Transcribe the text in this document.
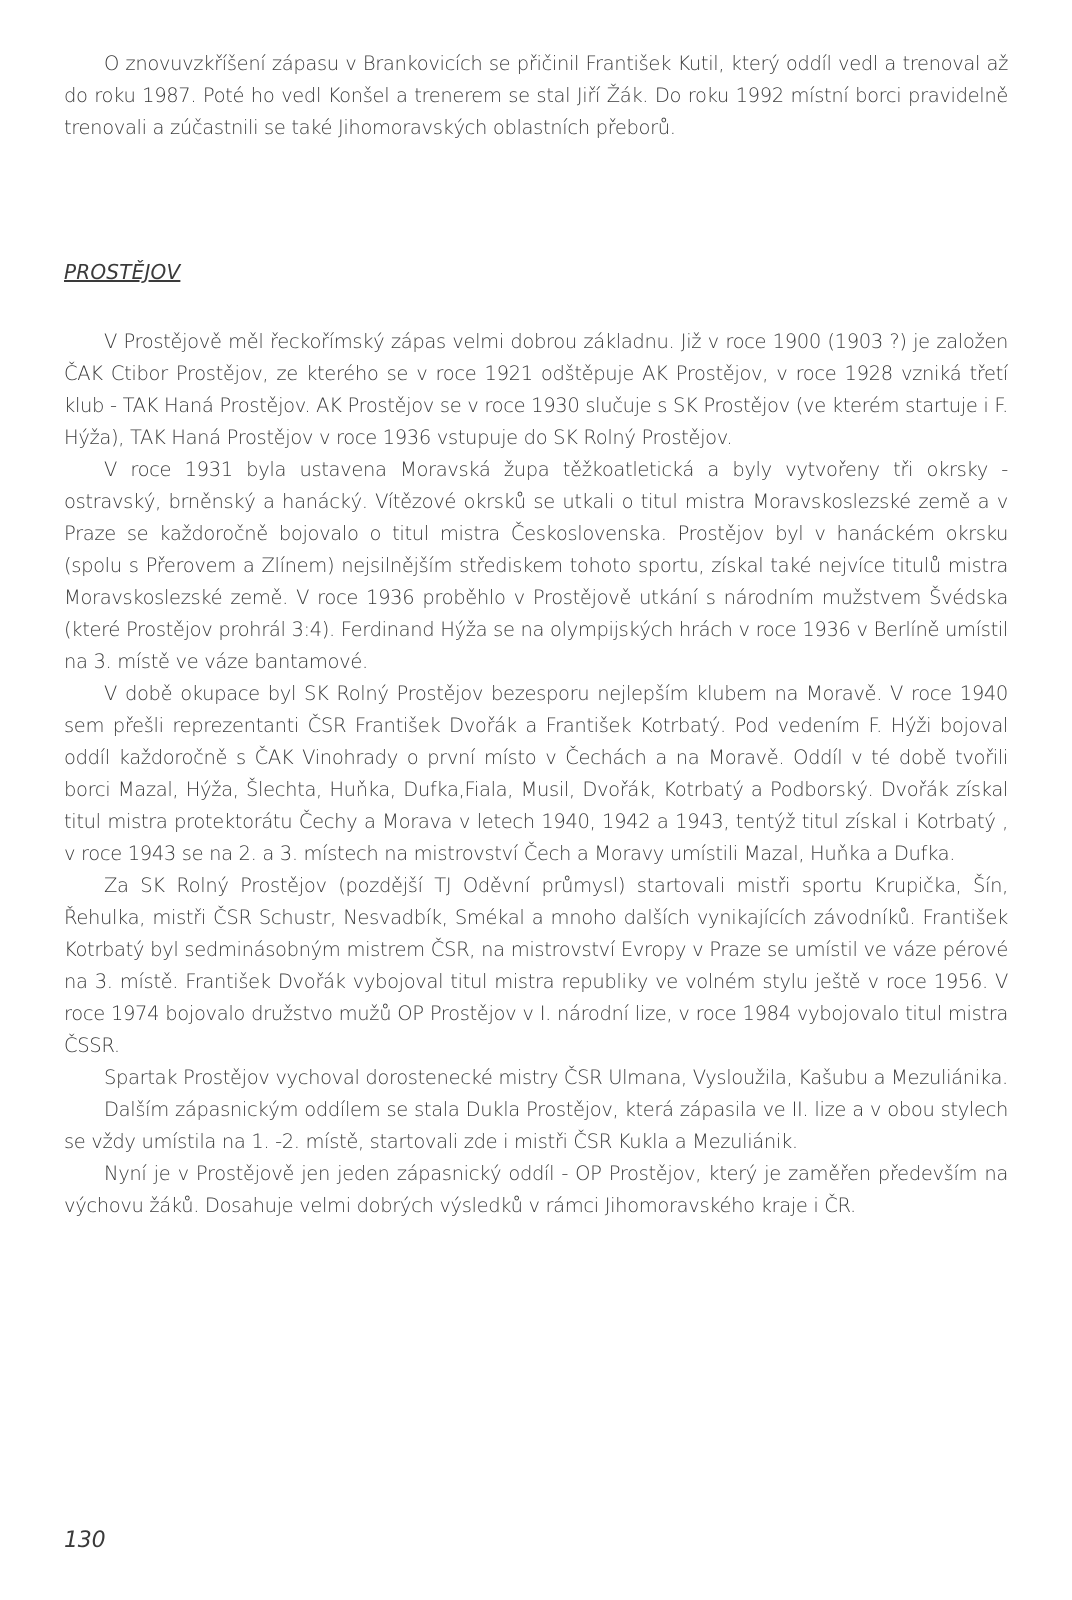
O znovuvzkříšení zápasu v Brankovicích se přičinil František Kutil, který oddíl vedl a trenoval až do roku 1987. Poté ho vedl Konšel a trenerem se stal Jiří Žák. Do roku 1992 místní borci pravidelně trenovali a zúčastnili se také Jihomoravských oblastních přeborů.

PROSTĚJOV

V Prostějově měl řeckořímský zápas velmi dobrou základnu. Již v roce 1900 (1903 ?) je založen ČAK Ctibor Prostějov, ze kterého se v roce 1921 odštěpuje AK Prostějov, v roce 1928 vzniká třetí klub - TAK Haná Prostějov. AK Prostějov se v roce 1930 slučuje s SK Prostějov (ve kterém startuje i F. Hýža), TAK Haná Prostějov v roce 1936 vstupuje do SK Rolný Prostějov.

V roce 1931 byla ustavena Moravská župa těžkoatletická a byly vytvořeny tři okrsky - ostravský, brněnský a hanácký. Vítězové okrsků se utkali o titul mistra Moravskoslezské země a v Praze se každoročně bojovalo o titul mistra Československa. Prostějov byl v hanáckém okrsku (spolu s Přerovem a Zlínem) nejsilnějším střediskem tohoto sportu, získal také nejvíce titulů mistra Moravskoslezské země. V roce 1936 proběhlo v Prostějově utkání s národním mužstvem Švédska (které Prostějov prohrál 3:4). Ferdinand Hýža se na olympijských hrách v roce 1936 v Berlíně umístil na 3. místě ve váze bantamové.

V době okupace byl SK Rolný Prostějov bezesporu nejlepším klubem na Moravě. V roce 1940 sem přešli reprezentanti ČSR František Dvořák a František Kotrbatý. Pod vedením F. Hýži bojoval oddíl každoročně s ČAK Vinohrady o první místo v Čechách a na Moravě. Oddíl v té době tvořili borci Mazal, Hýža, Šlechta, Huňka, Dufka,Fiala, Musil, Dvořák, Kotrbatý a Podborský. Dvořák získal titul mistra protektorátu Čechy a Morava v letech 1940, 1942 a 1943, tentýž titul získal i Kotrbatý , v roce 1943 se na 2. a 3. místech na mistrovství Čech a Moravy umístili Mazal, Huňka a Dufka.

Za SK Rolný Prostějov (pozdější TJ Oděvní průmysl) startovali mistři sportu Krupička, Šín, Řehulka, mistři ČSR Schustr, Nesvadbík, Smékal a mnoho dalších vynikajících závodníků. František Kotrbatý byl sedminásobným mistrem ČSR, na mistrovství Evropy v Praze se umístil ve váze pérové na 3. místě. František Dvořák vybojoval titul mistra republiky ve volném stylu ještě v roce 1956. V roce 1974 bojovalo družstvo mužů OP Prostějov v I. národní lize, v roce 1984 vybojovalo titul mistra ČSSR.

Spartak Prostějov vychoval dorostenecké mistry ČSR Ulmana, Vysloužila, Kašubu a Mezuliánika.

Dalším zápasnickým oddílem se stala Dukla Prostějov, která zápasila ve II. lize a v obou stylech se vždy umístila na 1. -2. místě, startovali zde i mistři ČSR Kukla a Mezuliánik.

Nyní je v Prostějově jen jeden zápasnický oddíl - OP Prostějov, který je zaměřen především na výchovu žáků. Dosahuje velmi dobrých výsledků v rámci Jihomoravského kraje i ČR.

130
